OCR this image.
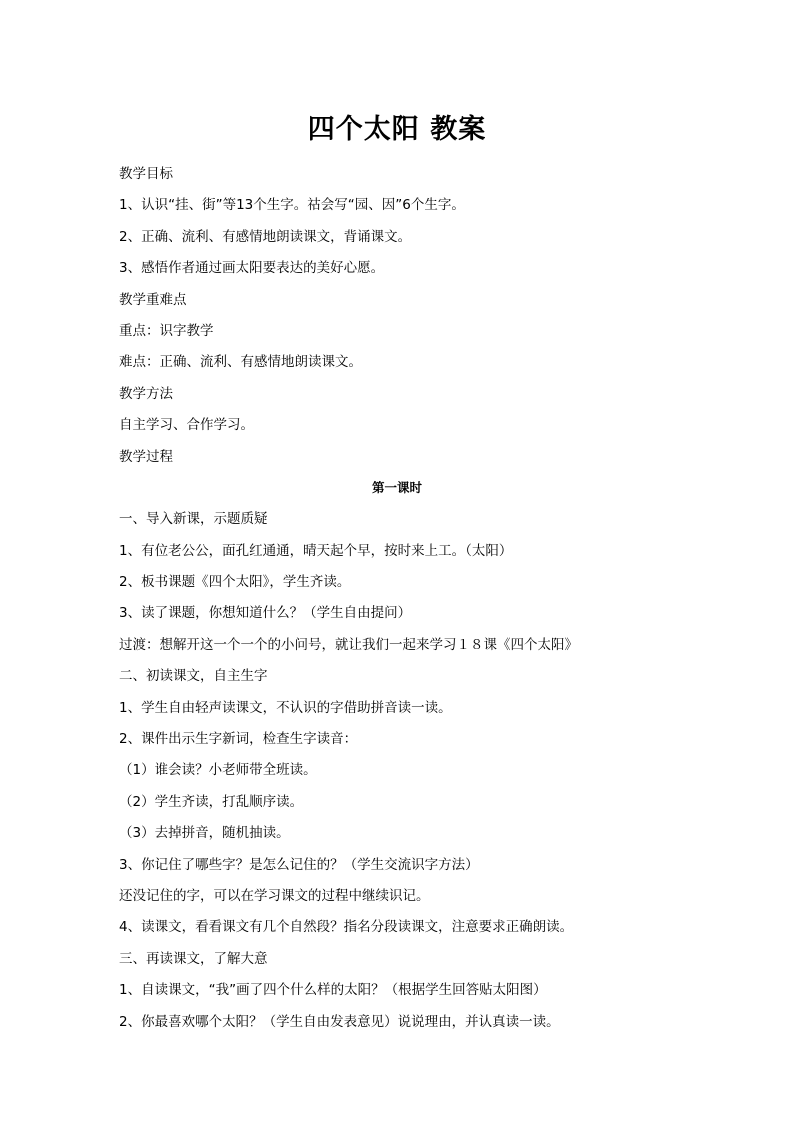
四个太阳 教案
教学目标
1、认识“挂、街”等13个生字。祜会写“园、因”6个生字。
2、正确、流利、有感情地朗读课文，背诵课文。
3、感悟作者通过画太阳要表达的美好心愿。
教学重难点
重点：识字教学
难点：正确、流利、有感情地朗读课文。
教学方法
自主学习、合作学习。
教学过程
第一课时
一、导入新课，示题质疑
1、有位老公公，面孔红通通，晴天起个早，按时来上工。（太阳）
2、板书课题《四个太阳》，学生齐读。
3、读了课题，你想知道什么？（学生自由提问）
过渡：想解开这一个一个的小问号，就让我们一起来学习１８课《四个太阳》
二、初读课文，自主生字
1、学生自由轻声读课文，不认识的字借助拼音读一读。
2、课件出示生字新词，检查生字读音：
（1）谁会读？小老师带全班读。
（2）学生齐读，打乱顺序读。
（3）去掉拼音，随机抽读。
3、你记住了哪些字？是怎么记住的？（学生交流识字方法）
还没记住的字，可以在学习课文的过程中继续识记。
4、读课文，看看课文有几个自然段？指名分段读课文，注意要求正确朗读。
三、再读课文，了解大意
1、自读课文，“我”画了四个什么样的太阳？（根据学生回答贴太阳图）
2、你最喜欢哪个太阳？（学生自由发表意见）说说理由，并认真读一读。
